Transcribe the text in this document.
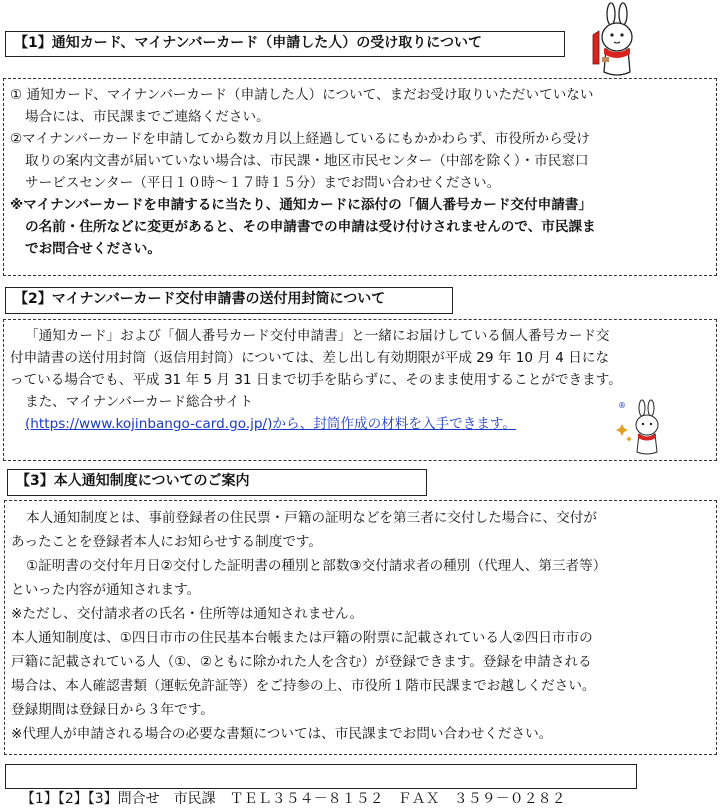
【1】通知カード、マイナンバーカード（申請した人）の受け取りについて

① 通知カード、マイナンバーカード（申請した人）について、まだお受け取りいただいていない

場合には、市民課までご連絡ください。

②マイナンバーカードを申請してから数カ月以上経過しているにもかかわらず、市役所から受け

取りの案内文書が届いていない場合は、市民課・地区市民センター（中部を除く）・市民窓口

サービスセンター（平日１０時～１７時１５分）までお問い合わせください。

※マイナンバーカードを申請するに当たり、通知カードに添付の「個人番号カード交付申請書」

の名前・住所などに変更があると、その申請書での申請は受け付けされませんので、市民課ま

でお問合せください。

【2】マイナンバーカード交付申請書の送付用封筒について

「通知カード」および「個人番号カード交付申請書」と一緒にお届けしている個人番号カード交

付申請書の送付用封筒（返信用封筒）については、差し出し有効期限が平成 29 年 10 月 4 日にな

っている場合でも、平成 31 年 5 月 31 日まで切手を貼らずに、そのまま使用することができます。

また、マイナンバーカード総合サイト

(https://www.kojinbango-card.go.jp/)から、封筒作成の材料を入手できます。

®
【3】本人通知制度についてのご案内

本人通知制度とは、事前登録者の住民票・戸籍の証明などを第三者に交付した場合に、交付が

あったことを登録者本人にお知らせする制度です。

①証明書の交付年月日②交付した証明書の種別と部数③交付請求者の種別（代理人、第三者等）

といった内容が通知されます。

※ただし、交付請求者の氏名・住所等は通知されません。

本人通知制度は、①四日市市の住民基本台帳または戸籍の附票に記載されている人②四日市市の

戸籍に記載されている人（①、②ともに除かれた人を含む）が登録できます。登録を申請される

場合は、本人確認書類（運転免許証等）をご持参の上、市役所１階市民課までお越しください。

登録期間は登録日から３年です。

※代理人が申請される場合の必要な書類については、市民課までお問い合わせください。

【1】【2】【3】問合せ　市民課　ＴＥＬ３５４－８１５２　ＦＡＸ　３５９－０２８２
